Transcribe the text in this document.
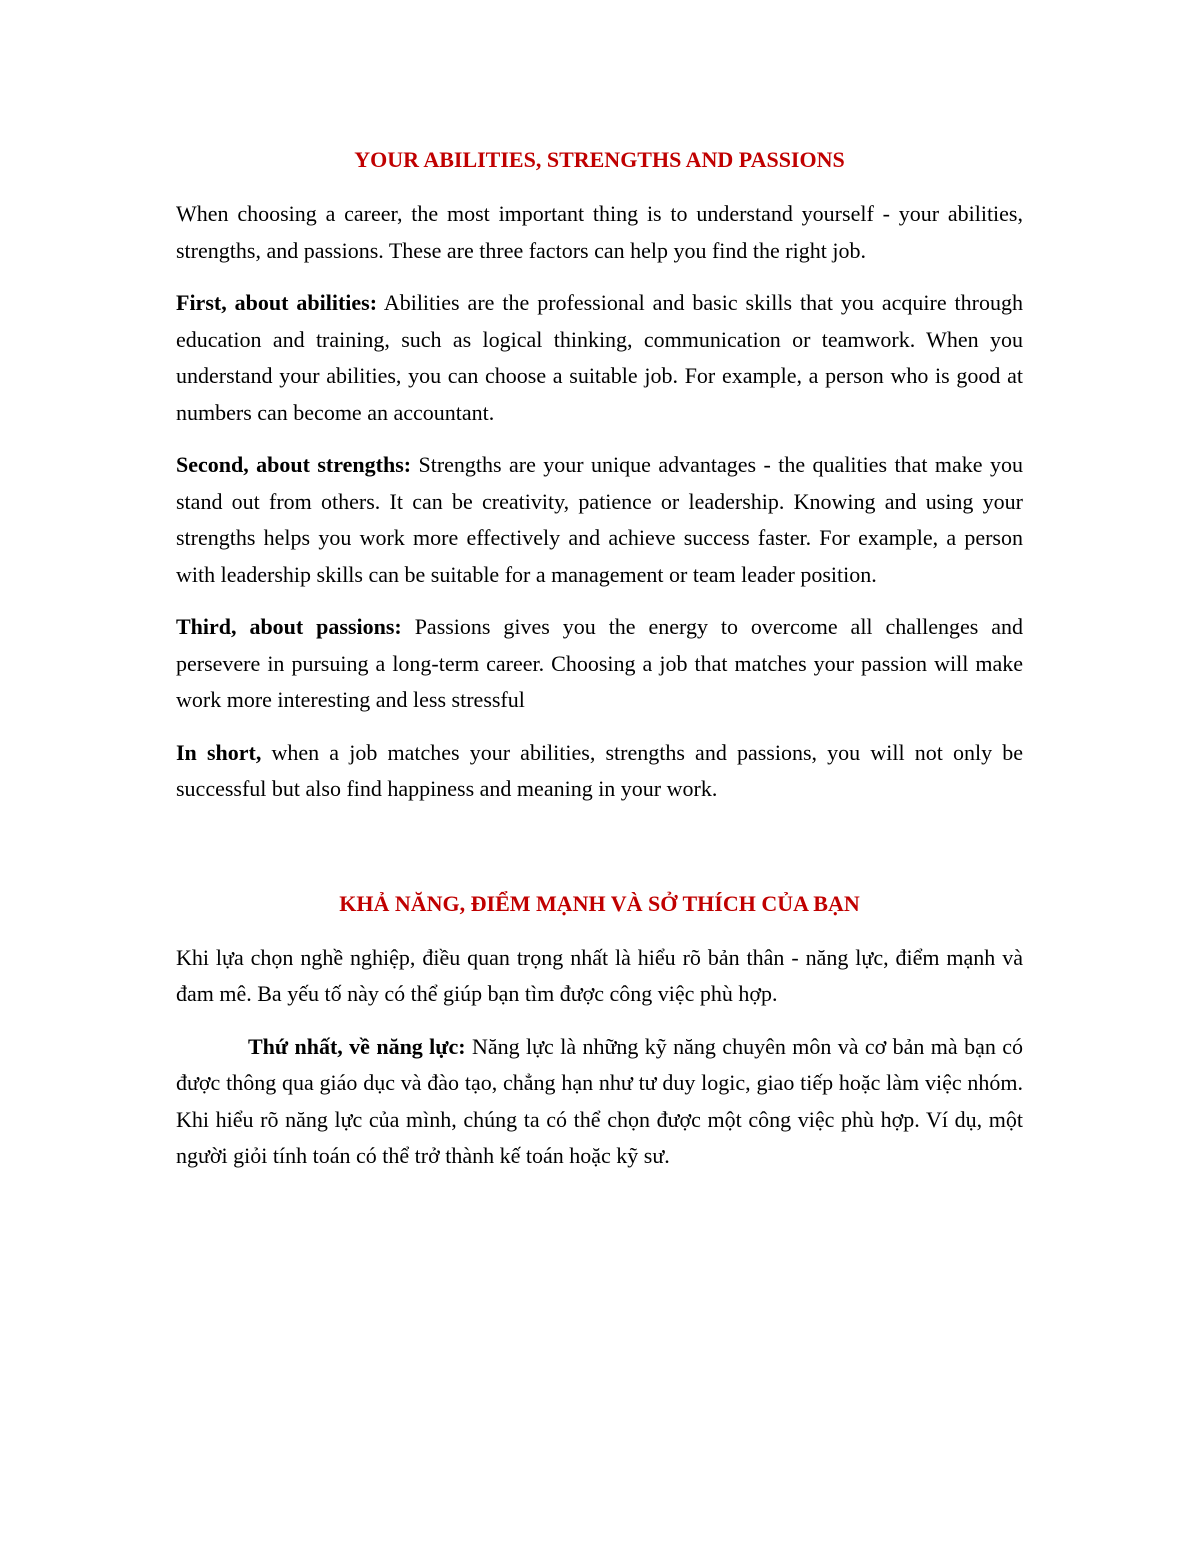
YOUR ABILITIES, STRENGTHS AND PASSIONS

When choosing a career, the most important thing is to understand yourself - your abilities, strengths, and passions. These are three factors can help you find the right job.

First, about abilities: Abilities are the professional and basic skills that you acquire through education and training, such as logical thinking, communication or teamwork. When you understand your abilities, you can choose a suitable job. For example, a person who is good at numbers can become an accountant.

Second, about strengths: Strengths are your unique advantages - the qualities that make you stand out from others. It can be creativity, patience or leadership. Knowing and using your strengths helps you work more effectively and achieve success faster. For example, a person with leadership skills can be suitable for a management or team leader position.

Third, about passions: Passions gives you the energy to overcome all challenges and persevere in pursuing a long-term career. Choosing a job that matches your passion will make work more interesting and less stressful

In short, when a job matches your abilities, strengths and passions, you will not only be successful but also find happiness and meaning in your work.

KHẢ NĂNG, ĐIỂM MẠNH VÀ SỞ THÍCH CỦA BẠN

Khi lựa chọn nghề nghiệp, điều quan trọng nhất là hiểu rõ bản thân - năng lực, điểm mạnh và đam mê. Ba yếu tố này có thể giúp bạn tìm được công việc phù hợp.

Thứ nhất, về năng lực: Năng lực là những kỹ năng chuyên môn và cơ bản mà bạn có được thông qua giáo dục và đào tạo, chẳng hạn như tư duy logic, giao tiếp hoặc làm việc nhóm. Khi hiểu rõ năng lực của mình, chúng ta có thể chọn được một công việc phù hợp. Ví dụ, một người giỏi tính toán có thể trở thành kế toán hoặc kỹ sư.
